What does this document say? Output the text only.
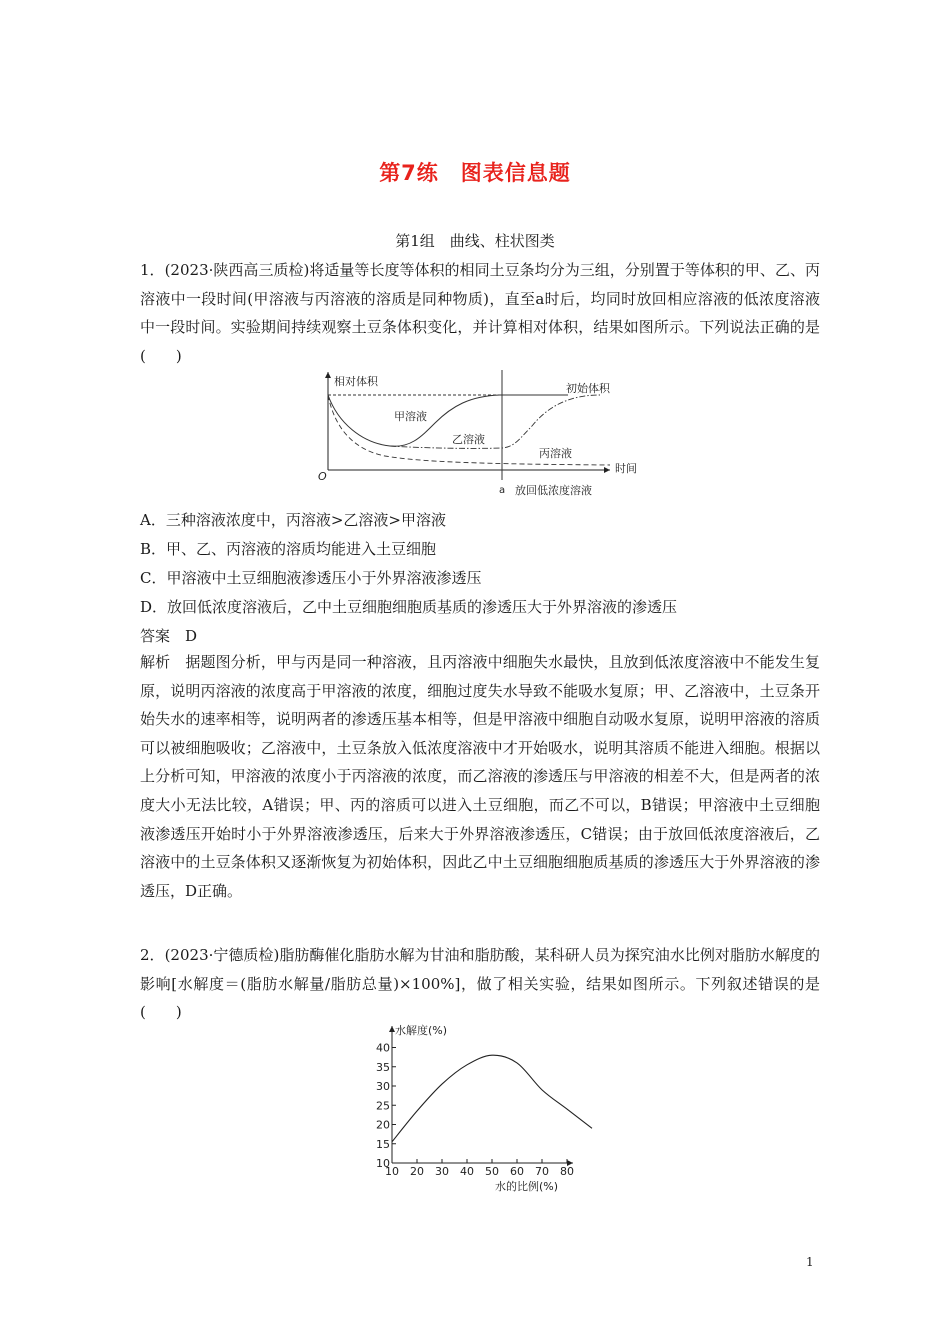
第7练　图表信息题
第1组　曲线、柱状图类

1．(2023·陕西高三质检)将适量等长度等体积的相同土豆条均分为三组，分别置于等体积的甲、乙、丙溶液中一段时间(甲溶液与丙溶液的溶质是同种物质)，直至a时后，均同时放回相应溶液的低浓度溶液中一段时间。实验期间持续观察土豆条体积变化，并计算相对体积，结果如图所示。下列说法正确的是(　　)

相对体积
初始体积
甲溶液
乙溶液
丙溶液
O
时间
a 放回低浓度溶液
A．三种溶液浓度中，丙溶液>乙溶液>甲溶液
B．甲、乙、丙溶液的溶质均能进入土豆细胞
C．甲溶液中土豆细胞液渗透压小于外界溶液渗透压
D．放回低浓度溶液后，乙中土豆细胞细胞质基质的渗透压大于外界溶液的渗透压
答案　D

解析　据题图分析，甲与丙是同一种溶液，且丙溶液中细胞失水最快，且放到低浓度溶液中不能发生复原，说明丙溶液的浓度高于甲溶液的浓度，细胞过度失水导致不能吸水复原；甲、乙溶液中，土豆条开始失水的速率相等，说明两者的渗透压基本相等，但是甲溶液中细胞自动吸水复原，说明甲溶液的溶质可以被细胞吸收；乙溶液中，土豆条放入低浓度溶液中才开始吸水，说明其溶质不能进入细胞。根据以上分析可知，甲溶液的浓度小于丙溶液的浓度，而乙溶液的渗透压与甲溶液的相差不大，但是两者的浓度大小无法比较，A错误；甲、丙的溶质可以进入土豆细胞，而乙不可以，B错误；甲溶液中土豆细胞液渗透压开始时小于外界溶液渗透压，后来大于外界溶液渗透压，C错误；由于放回低浓度溶液后，乙溶液中的土豆条体积又逐渐恢复为初始体积，因此乙中土豆细胞细胞质基质的渗透压大于外界溶液的渗透压，D正确。

2．(2023·宁德质检)脂肪酶催化脂肪水解为甘油和脂肪酸，某科研人员为探究油水比例对脂肪水解度的影响[水解度＝(脂肪水解量/脂肪总量)×100%]，做了相关实验，结果如图所示。下列叙述错误的是(　　)

水解度(%)
水的比例(%)
10
15
20
25
30
35
40
10 20 30 40 50 60 70 80
1
